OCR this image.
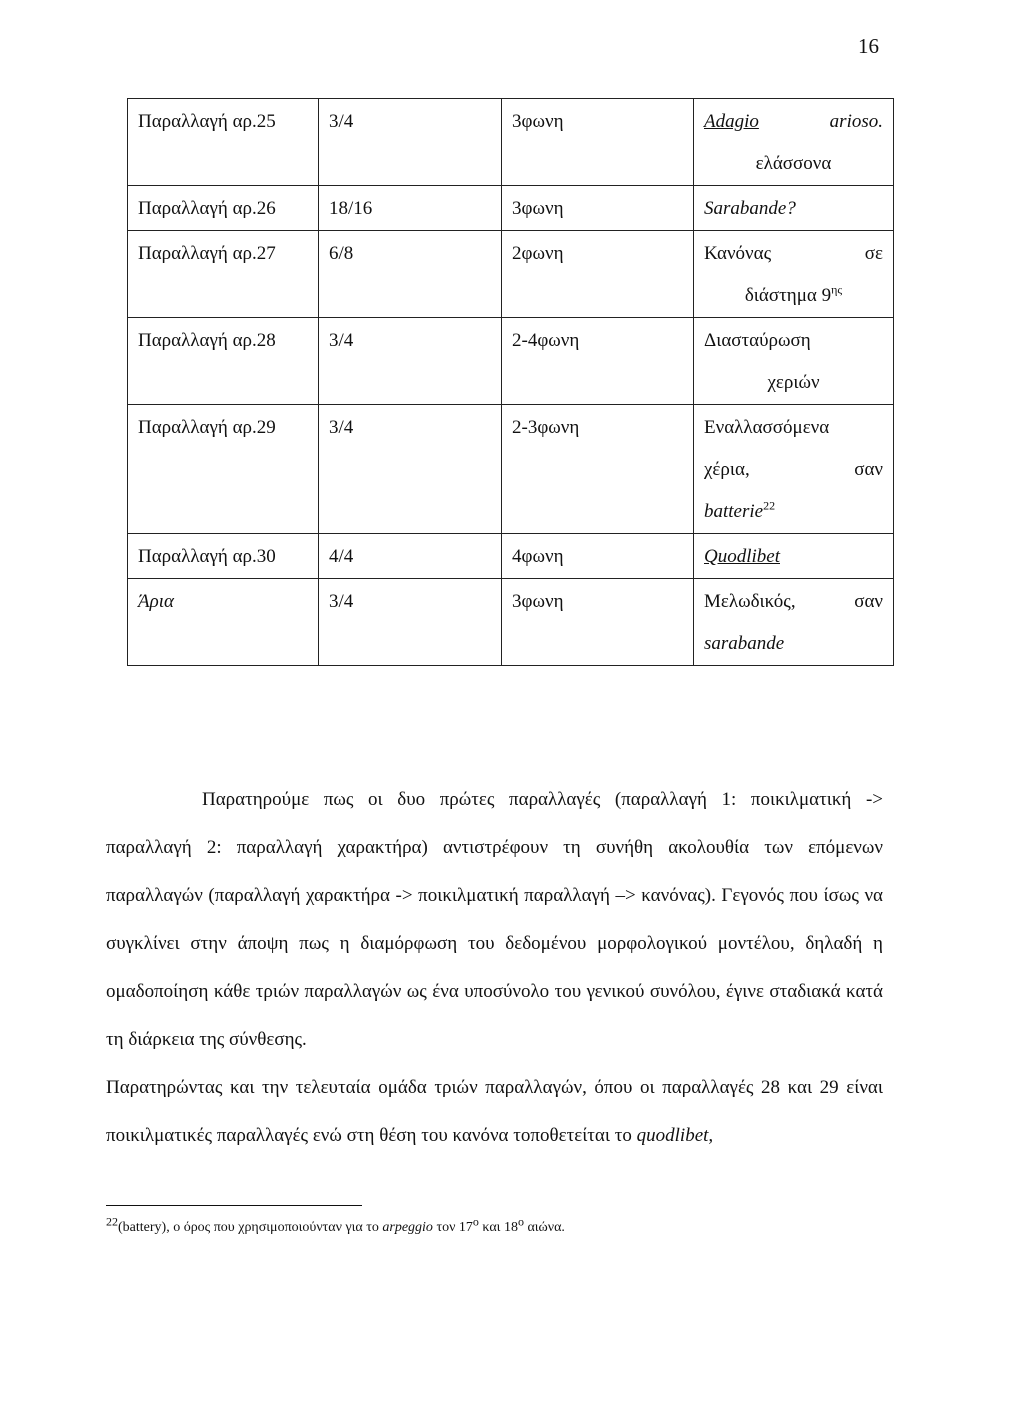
16
Παραλλαγή αρ.25	3/4	3φωνη	Adagio arioso.
ελάσσονα

Παραλλαγή αρ.26	18/16	3φωνη	Sarabande?
Παραλλαγή αρ.27	6/8	2φωνη	Κανόνας σε
διάστημα $9^{\eta\varsigma}$

Παραλλαγή αρ.28	3/4	2-4φωνη	Διασταύρωση
χεριών

Παραλλαγή αρ.29	3/4	2-3φωνη	Εναλλασσόμενα
χέρια, σαν
batterie$^{22}$

Παραλλαγή αρ.30	4/4	4φωνη	Quodlibet
Άρια	3/4	3φωνη	Μελωδικός, σαν
sarabande

Παρατηρούμε πως οι δυο πρώτες παραλλαγές (παραλλαγή 1: ποικιλματική -> παραλλαγή 2: παραλλαγή χαρακτήρα) αντιστρέφουν τη συνήθη ακολουθία των επόμενων παραλλαγών (παραλλαγή χαρακτήρα -> ποικιλματική παραλλαγή –> κανόνας). Γεγονός που ίσως να συγκλίνει στην άποψη πως η διαμόρφωση του δεδομένου μορφολογικού μοντέλου, δηλαδή η ομαδοποίηση κάθε τριών παραλλαγών ως ένα υποσύνολο του γενικού συνόλου, έγινε σταδιακά κατά τη διάρκεια της σύνθεσης.

Παρατηρώντας και την τελευταία ομάδα τριών παραλλαγών, όπου οι παραλλαγές 28 και 29 είναι ποικιλματικές παραλλαγές ενώ στη θέση του κανόνα τοποθετείται το quodlibet,

$^{22}$(battery), ο όρος που χρησιμοποιούνταν για το arpeggio τον $17^o$ και $18^o$ αιώνα.
